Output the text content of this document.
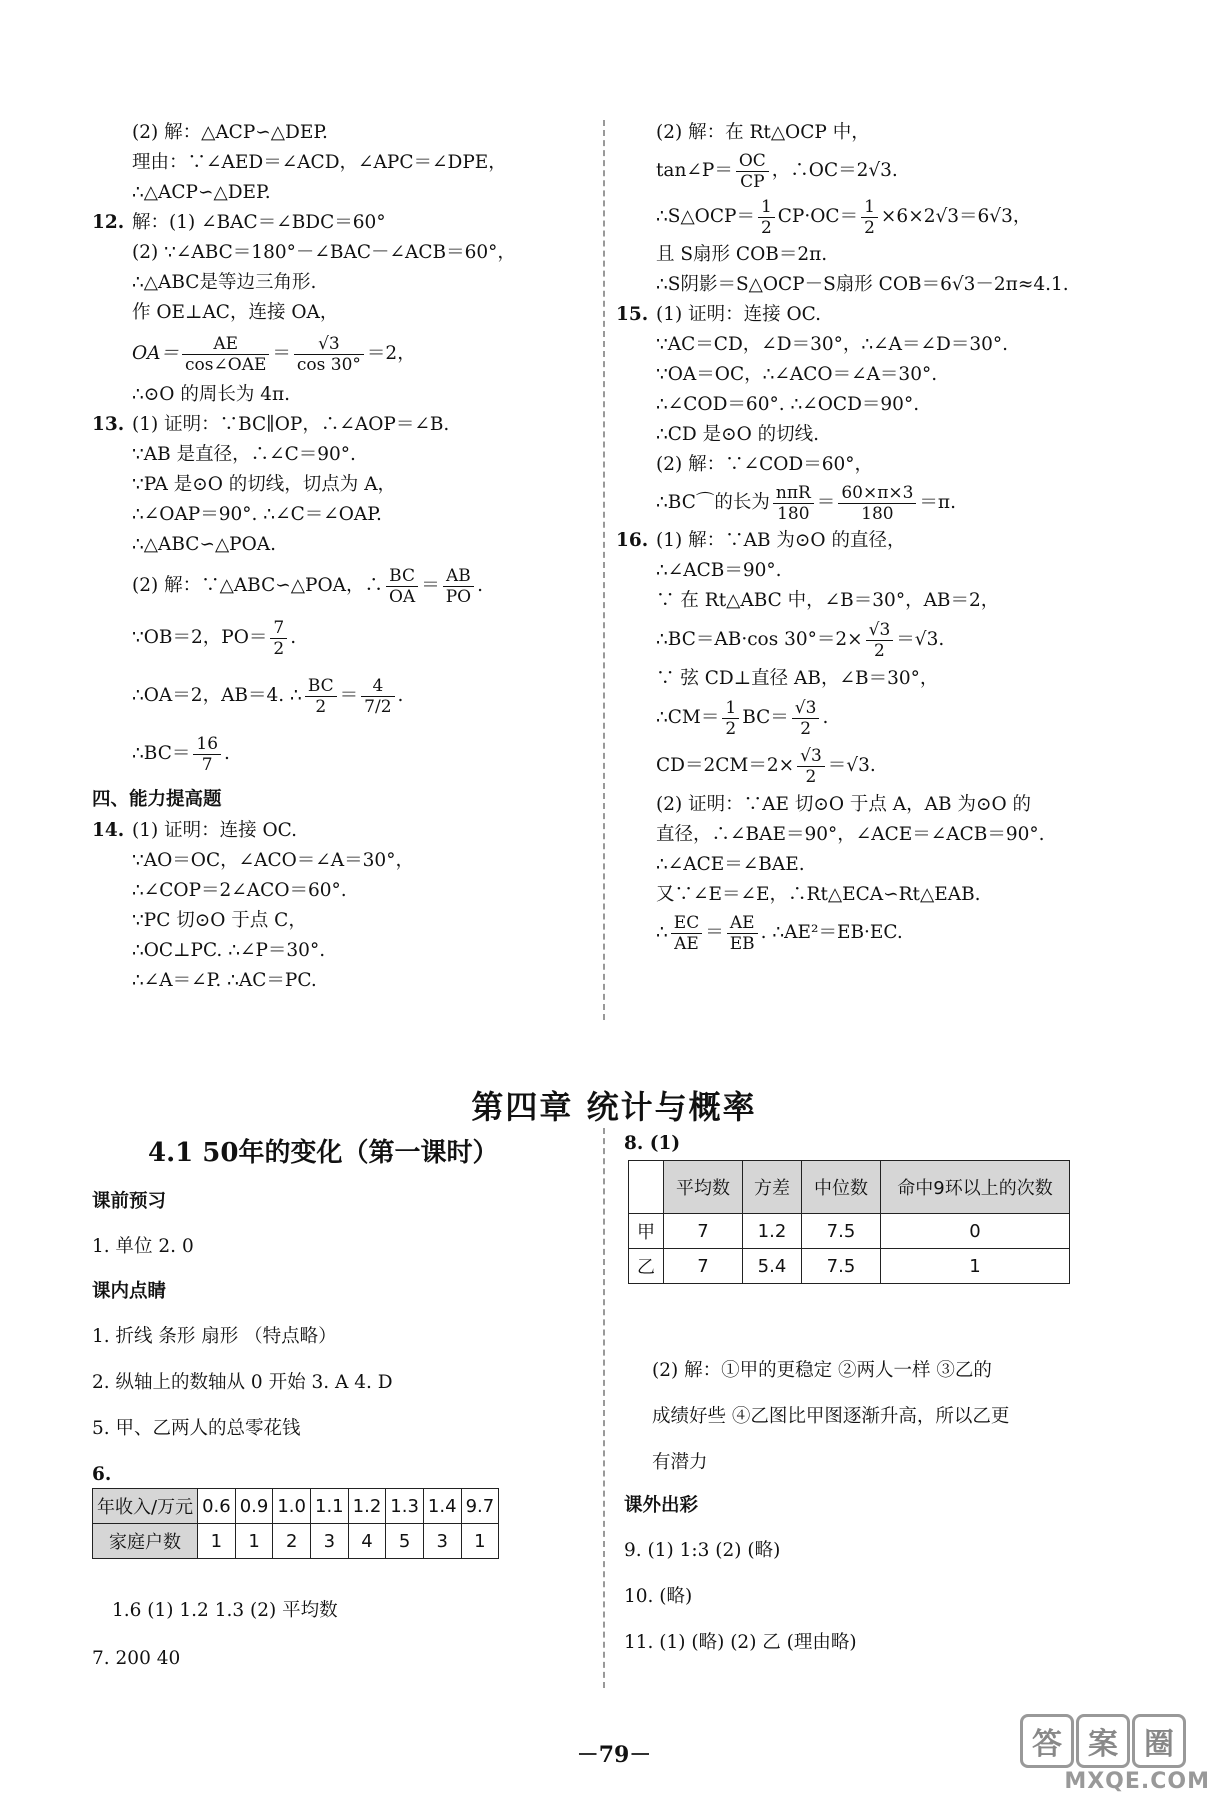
(2) 解：△ACP∽△DEP.
理由：∵∠AED＝∠ACD，∠APC＝∠DPE，
∴△ACP∽△DEP.
12. 解：(1) ∠BAC＝∠BDC＝60°
(2) ∵∠ABC＝180°－∠BAC－∠ACB＝60°，
∴△ABC是等边三角形.
作 OE⊥AC，连接 OA，
$OA= \frac{AE}{\text{cos∠OAE}} = \frac{√3}{\cos 30^\circ} =2$，
∴⊙O 的周长为 4π.
13. (1) 证明：∵BC∥OP，∴∠AOP＝∠B.
∵AB 是直径，∴∠C＝90°.
∵PA 是⊙O 的切线，切点为 A，
∴∠OAP＝90°. ∴∠C＝∠OAP.
∴△ABC∽△POA.
(2) 解：∵△ABC∽△POA，∴ $\frac{BC}{OA} = \frac{AB}{PO}$ .
∵OB＝2，$PO= \frac{7}{2}$ .
∴OA＝2，AB＝4. ∴ $\frac{BC}{2} = \frac{4}{7/2}$ .
∴BC＝ $\frac{16}{7}$ .
四、能力提高题
14. (1) 证明：连接 OC.
∵AO＝OC，∠ACO＝∠A＝30°，
∴∠COP＝2∠ACO＝60°.
∵PC 切⊙O 于点 C，
∴OC⊥PC. ∴∠P＝30°.
∴∠A＝∠P. ∴AC＝PC.
(2) 解：在 Rt△OCP 中，
tan∠P＝ $\frac{OC}{CP}$ ，∴OC＝2√3.
∴S△OCP＝ $\frac{1}{2} CP\cdot OC= \frac{1}{2} \times 6\times 2√3=6√3$，
且 S扇形 COB＝2π.
∴S阴影＝S△OCP－S扇形 COB＝6√3－2π≈4.1.
15. (1) 证明：连接 OC.
∵AC＝CD，∠D＝30°，∴∠A＝∠D＝30°.
∵OA＝OC，∴∠ACO＝∠A＝30°.
∴∠COD＝60°. ∴∠OCD＝90°.
∴CD 是⊙O 的切线.
(2) 解：∵∠COD＝60°，
∴BC⌒的长为 $\frac{\text{nπR}}{180} = \frac{60\times\pi\times 3}{180} =\pi$.
16. (1) 解：∵AB 为⊙O 的直径，
∴∠ACB＝90°.
∵ 在 Rt△ABC 中，∠B＝30°，AB＝2，
∴BC＝AB·cos $30^\circ=2\times \frac{√3}{2} =√3$.
∵ 弦 CD⊥直径 AB，∠B＝30°，
∴CM＝ $\frac{1}{2} BC= \frac{√3}{2}$ .
$CD=2CM=2\times \frac{√3}{2} =√3$.
(2) 证明：∵AE 切⊙O 于点 A，AB 为⊙O 的
直径，∴∠BAE＝90°，∠ACE＝∠ACB＝90°.
∴∠ACE＝∠BAE.
又∵∠E＝∠E，∴Rt△ECA∽Rt△EAB.
∴ $\frac{EC}{AE} = \frac{AE}{EB}$ . ∴AE²＝EB·EC.
第四章 统计与概率
4.1 50年的变化（第一课时）
课前预习
1. 单位 2. 0
课内点睛
1. 折线 条形 扇形 （特点略）
2. 纵轴上的数轴从 0 开始 3. A 4. D
5. 甲、乙两人的总零花钱
6.
年收入/万元	0.6	0.9	1.0	1.1	1.2	1.3	1.4	9.7
家庭户数	1	1	2	3	4	5	3	1
1.6 (1) 1.2 1.3 (2) 平均数
7. 200 40
8. (1)
	平均数	方差	中位数	命中9环以上的次数
甲	7	1.2	7.5	0
乙	7	5.4	7.5	1
(2) 解：①甲的更稳定 ②两人一样 ③乙的
成绩好些 ④乙图比甲图逐渐升高，所以乙更
有潜力
课外出彩
9. (1) 1:3 (2) (略)
10. (略)
11. (1) (略) (2) 乙 (理由略)
－79－	答 案 圈
MXQE.COM
